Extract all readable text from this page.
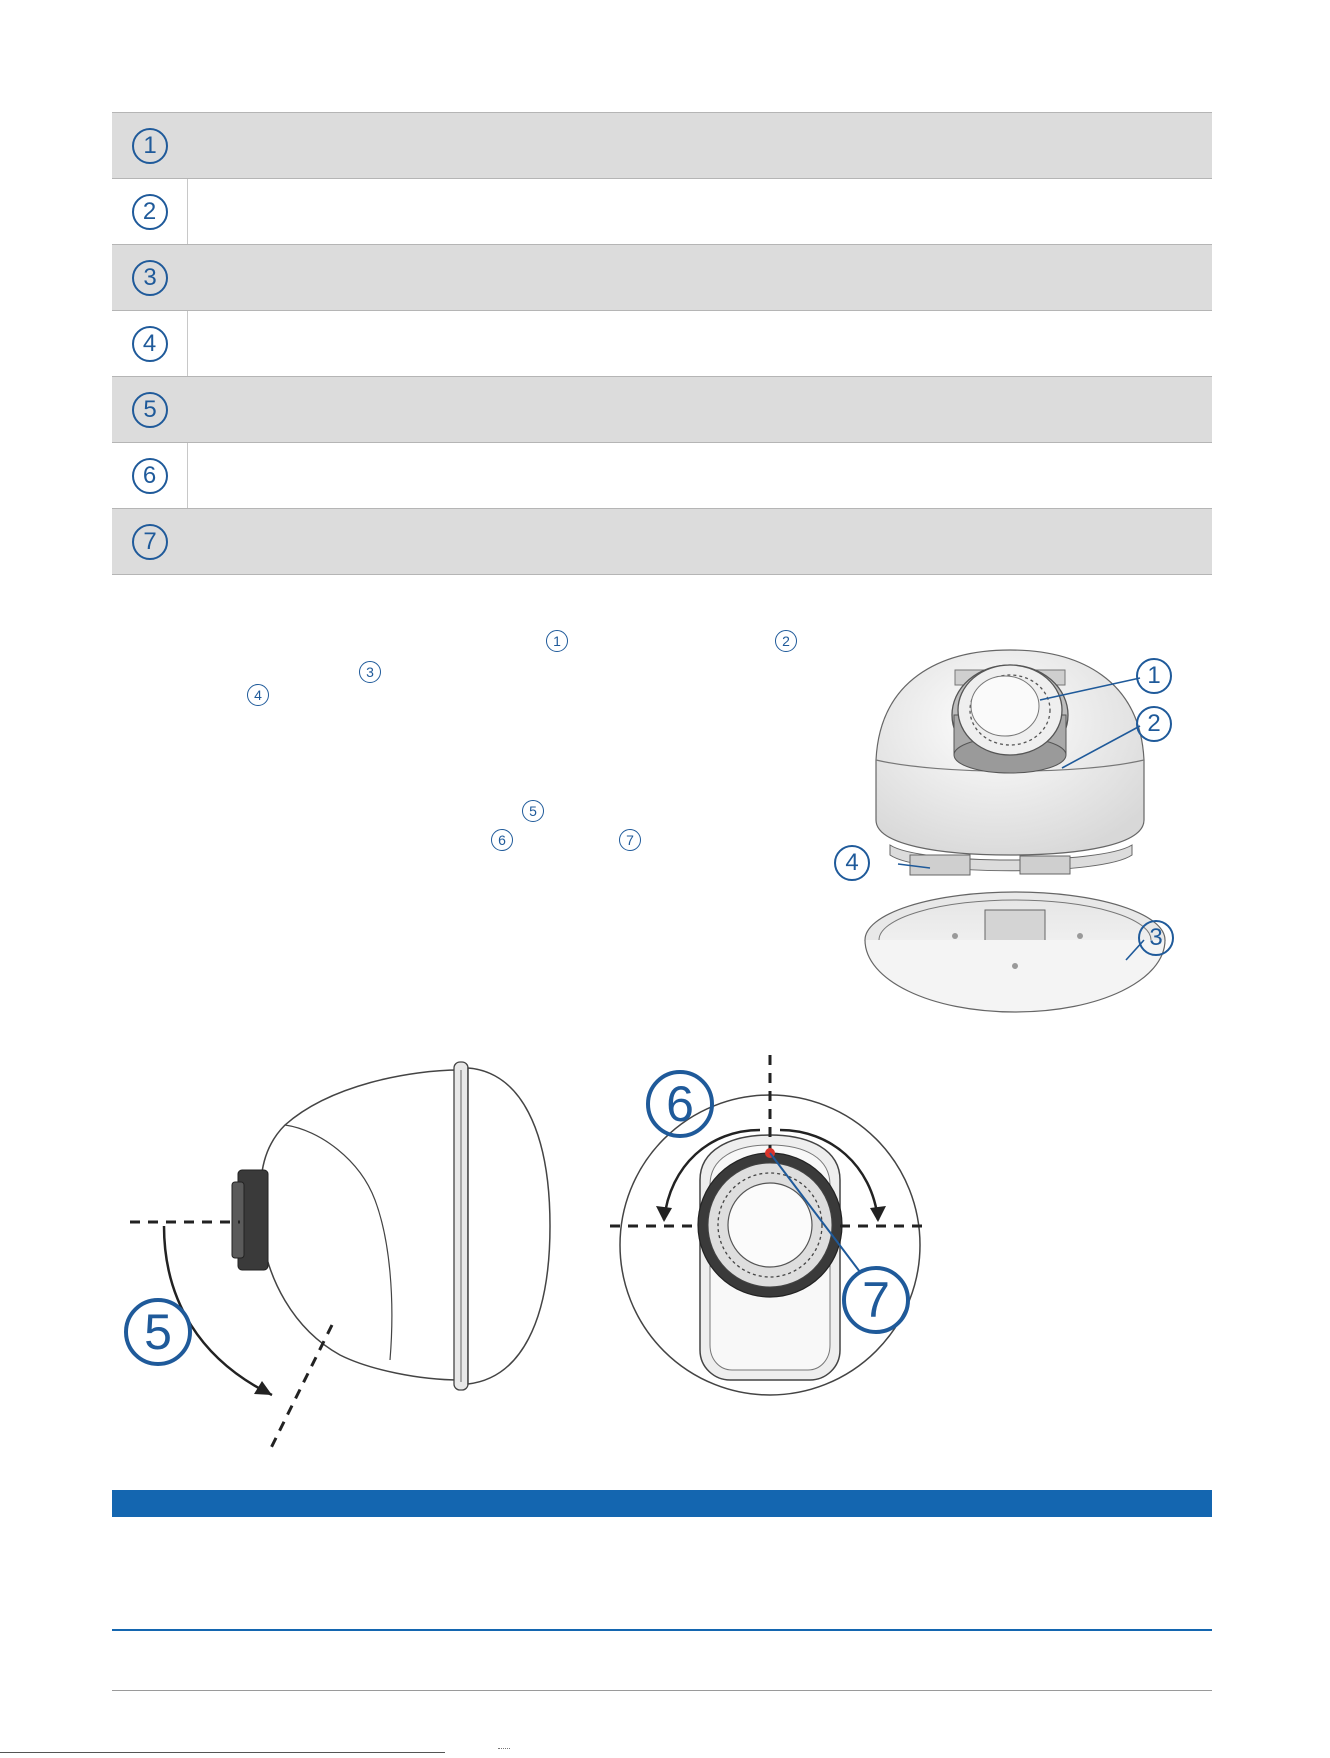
1
2
3
4
5
6
7
1	2
3
4
5
6	7
1
2
4
3
5
6
7
